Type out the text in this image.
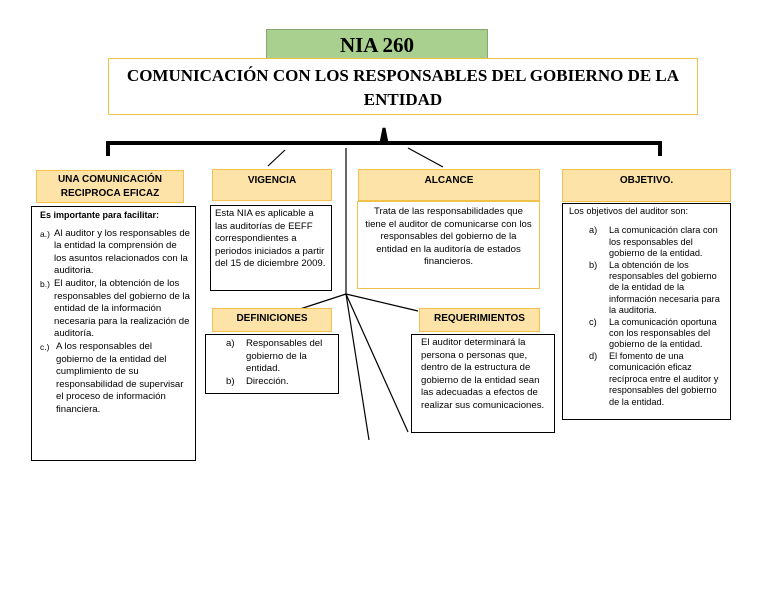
NIA 260
COMUNICACIÓN CON LOS RESPONSABLES DEL GOBIERNO DE LA ENTIDAD
UNA COMUNICACIÓN RECIPROCA EFICAZ
Es importante para facilitar:
a.) Al auditor y los responsables de la entidad la comprensión de los asuntos relacionados con la auditoria.
b.) El auditor, la obtención de los responsables del gobierno de la entidad de la información necesaria para la realización de auditoría.
c.) A los responsables del gobierno de la entidad del cumplimiento de su responsabilidad de supervisar el proceso de información financiera.
VIGENCIA
Esta NIA es aplicable a las auditorías de EEFF correspondientes a periodos iniciados a partir del 15 de diciembre 2009.
ALCANCE
Trata de las responsabilidades que tiene el auditor de comunicarse con los responsables del gobierno de la entidad en la auditoría de estados financieros.
OBJETIVO.
Los objetivos del auditor son:
a)	La comunicación clara con los responsables del gobierno de la entidad.
b)	La obtención de los responsables del gobierno de la entidad de la información necesaria para la auditoria.
c)	La comunicación oportuna con los responsables del gobierno de la entidad.
d)	El fomento de una comunicación eficaz recíproca entre el auditor y responsables del gobierno de la entidad.
DEFINICIONES
a)	Responsables del gobierno de la entidad.
b)	Dirección.
REQUERIMIENTOS
El auditor determinará la persona o personas que, dentro de la estructura de gobierno de la entidad sean las adecuadas a efectos de realizar sus comunicaciones.
